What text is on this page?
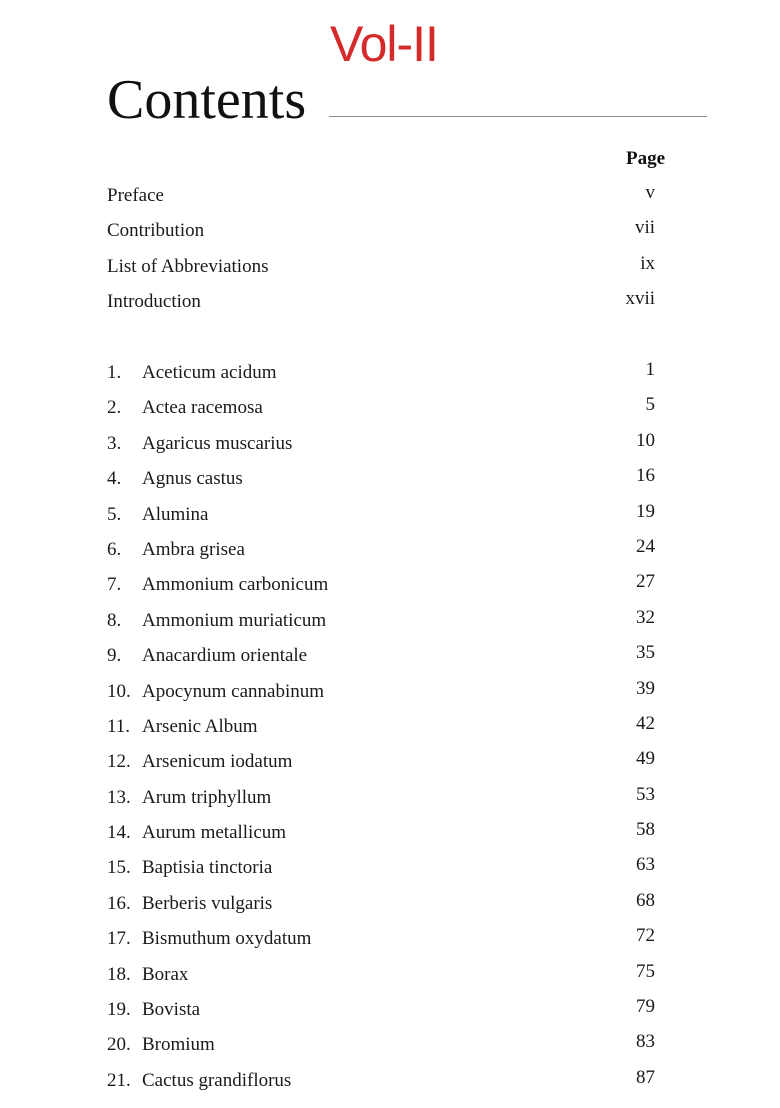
Vol-II
Contents
Page
Preface	v
Contribution	vii
List of Abbreviations	ix
Introduction	xvii
1. Aceticum acidum	1
2. Actea racemosa	5
3. Agaricus muscarius	10
4. Agnus castus	16
5. Alumina	19
6. Ambra grisea	24
7. Ammonium carbonicum	27
8. Ammonium muriaticum	32
9. Anacardium orientale	35
10. Apocynum cannabinum	39
11. Arsenic Album	42
12. Arsenicum iodatum	49
13. Arum triphyllum	53
14. Aurum metallicum	58
15. Baptisia tinctoria	63
16. Berberis vulgaris	68
17. Bismuthum oxydatum	72
18. Borax	75
19. Bovista	79
20. Bromium	83
21. Cactus grandiflorus	87
